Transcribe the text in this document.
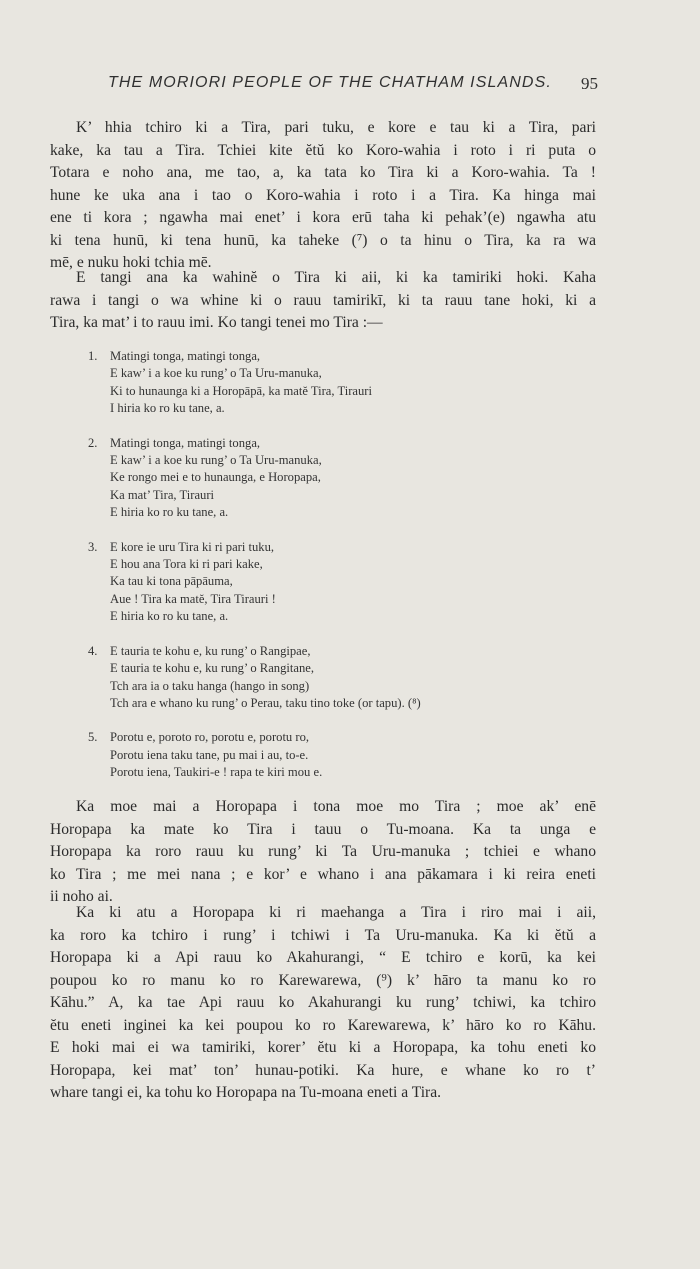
THE MORIORI PEOPLE OF THE CHATHAM ISLANDS. 95
K’ hhia tchiro ki a Tira, pari tuku, e kore e tau ki a Tira, pari
kake, ka tau a Tira. Tchiei kite ĕtŭ ko Koro-wahia i roto i ri puta o
Totara e noho ana, me tao, a, ka tata ko Tira ki a Koro-wahia. Ta !
hune ke uka ana i tao o Koro-wahia i roto i a Tira. Ka hinga mai
ene ti kora ; ngawha mai enet’ i kora erū taha ki pehak’(e) ngawha atu
ki tena hunū, ki tena hunū, ka taheke (⁷) o ta hinu o Tira, ka ra wa
mē, e nuku hoki tchia mē.
E tangi ana ka wahinĕ o Tira ki aii, ki ka tamiriki hoki. Kaha
rawa i tangi o wa whine ki o rauu tamirikī, ki ta rauu tane hoki, ki a
Tira, ka mat’ i to rauu imi. Ko tangi tenei mo Tira :—
1. Matingi tonga, matingi tonga,
E kaw’ i a koe ku rung’ o Ta Uru-manuka,
Ki to hunaunga ki a Horopāpā, ka matĕ Tira, Tirauri
I hiria ko ro ku tane, a.
2. Matingi tonga, matingi tonga,
E kaw’ i a koe ku rung’ o Ta Uru-manuka,
Ke rongo mei e to hunaunga, e Horopapa,
Ka mat’ Tira, Tirauri
E hiria ko ro ku tane, a.
3. E kore ie uru Tira ki ri pari tuku,
E hou ana Tora ki ri pari kake,
Ka tau ki tona pāpāuma,
Aue ! Tira ka matĕ, Tira Tirauri !
E hiria ko ro ku tane, a.
4. E tauria te kohu e, ku rung’ o Rangipae,
E tauria te kohu e, ku rung’ o Rangitane,
Tch ara ia o taku hanga (hango in song)
Tch ara e whano ku rung’ o Perau, taku tino toke (or tapu). (⁸)
5. Porotu e, poroto ro, porotu e, porotu ro,
Porotu iena taku tane, pu mai i au, to-e.
Porotu iena, Taukiri-e ! rapa te kiri mou e.
Ka moe mai a Horopapa i tona moe mo Tira ; moe ak’ enē
Horopapa ka mate ko Tira i tauu o Tu-moana. Ka ta unga e
Horopapa ka roro rauu ku rung’ ki Ta Uru-manuka ; tchiei e whano
ko Tira ; me mei nana ; e kor’ e whano i ana pākamara i ki reira eneti
ii noho ai.
Ka ki atu a Horopapa ki ri maehanga a Tira i riro mai i aii,
ka roro ka tchiro i rung’ i tchiwi i Ta Uru-manuka. Ka ki ĕtŭ a
Horopapa ki a Api rauu ko Akahurangi, “ E tchiro e korū, ka kei
poupou ko ro manu ko ro Karewarewa, (⁹) k’ hāro ta manu ko ro
Kāhu.” A, ka tae Api rauu ko Akahurangi ku rung’ tchiwi, ka tchiro
ĕtu eneti inginei ka kei poupou ko ro Karewarewa, k’ hāro ko ro Kāhu.
E hoki mai ei wa tamiriki, korer’ ĕtu ki a Horopapa, ka tohu eneti ko
Horopapa, kei mat’ ton’ hunau-potiki. Ka hure, e whane ko ro t’
whare tangi ei, ka tohu ko Horopapa na Tu-moana eneti a Tira.
